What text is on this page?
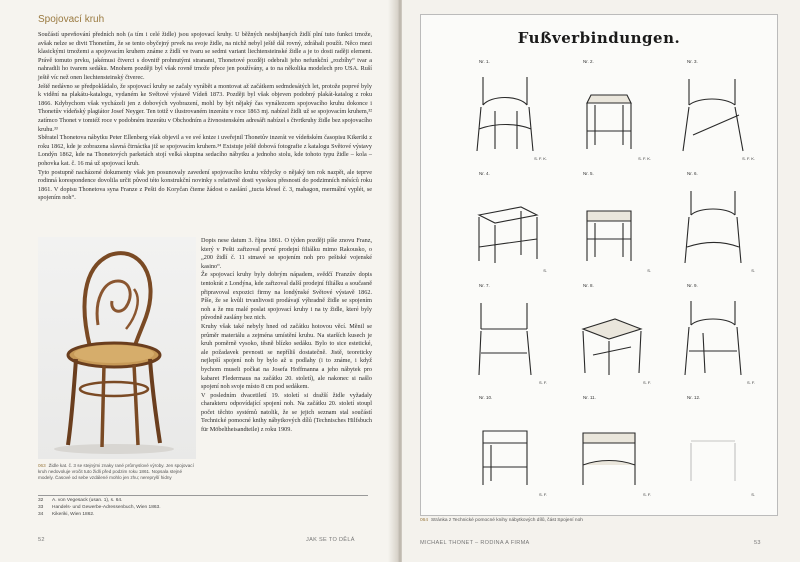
Spojovací kruh

Součástí upevňování předních noh (a tím i celé židle) jsou spojovací kruhy. U běžných nesbíjhaných židlí plní tuto funkci trnože, avšak nelze se divit Thonetům, že se tento obyčejný prvek na svoje židle, na nichž nebyl ještě dál rovný, zdráhali použít. Něco mezi klasickými trnožemi a spojovacím kruhem známe z židlí ve tvaru se sedmi variant liechtensteinské židle a je to dosti raději element. Právě tomuto prvku, jakémusi čtverci s dovnitř prohnutými stranami, Thonetové později odebrali jeho nefunkční „rozbíhy“ tvar a nahradili ho tvarem sedáku. Mnohem později byl však rovně trnože přece jen používány, a to na několika modelech pro USA. Ruší ještě víc než onen liechtensteinský čtverec.

Ještě nedávno se předpokládalo, že spojovací kruhy se začaly vyrábět a montovat až začátkem sedmdesátých let, protože poprvé byly k vidění na plakátu-katalogu, vydaném ke Světové výstavě Vídeň 1873. Později byl však objeven podobný plakát-katalog z roku 1866. Kdybychom však vycházeli jen z dobových vyobrazení, mohl by být nějaký čas vynálezcem spojovacího kruhu dokonce i Thonetův vídeňský plagiátor Josef Neyger. Ten totiž v ilustrovaném inzerátu v roce 1863 mj. nabízel židli už se spojovacím kruhem,³² zatímco Thonet v tomtéž roce v podobném inzerátu v Obchodním a živnostenském adresáři nabízel s čtvrtkruhy židle bez spojovacího kruhu.³³

Sběratel Thonetova nábytku Peter Ellenberg však objevil a ve své knize i uveřejnil Thonetův inzerát ve vídeňském časopisu Kikeriki z roku 1862, kde je zobrazena slavná čtrnáctka již se spojovacím kruhem.³⁴ Existuje ještě dobová fotografie z katalogu Světové výstavy Londýn 1862, kde na Thonetových parketách stojí velká skupina sedacího nábytku a jednoho stolu, kde tohoto typu židle – kola – pohovka kat. č. 16 má už spojovací kruh.

Tyto postupně nacházené dokumenty však jen posunovaly zavedení spojovacího kruhu vždycky o nějaký ten rok nazpět, ale teprve rodinná korespondence dovolila určit původ této konstrukční novinky s relativně dosti vysokou přesností do podzimních měsíců roku 1861. V dopisu Thonetova syna Franze z Pešti do Koryčan čteme žádost o zaslání „tucta křesel č. 3, mahagon, mermální vyplét, se spojením noh“.

063 Židle kat. č. 3 se stejnými znaky rané průmyslové výroby. Jen spojovací kruh nedovoluje vročit tuto židli před podzim roku 1861. Nopsala stejné modely. Časové od sebe vzdálené mohlo jen zhu; nerepryší hidny

Dopis nese datum 3. října 1861. O týden později píše znovu Franz, který v Pešti zařizoval první prodejní filiálku mimo Rakousko, o „200 židlí č. 11 stmavé se spojením noh pro peštské vojenské kasino“.

Že spojovací kruhy byly dobrým nápadem, svědčí Franzův dopis tentokrát z Londýna, kde zařizoval další prodejní filiálku a současně připravoval expozici firmy na londýnské Světové výstavě 1862. Píše, že se kvůli trvanlivosti prodávají výhradně židle se spojením noh a že mu malé poslat spojovací kruhy i na ty židle, které byly původně zaslány bez nich.

Kruhy však také nebyly hned od začátku hotovou věcí. Měnil se průměr materiálu a zejména umístění kruhu. Na starších kusech je kruh poměrně vysoko, těsně blízko sedáku. Bylo to sice estetické, ale požadavek pevnosti se nepříliš dostatečně. Jistě, teoreticky nejlepší spojení noh by bylo až u podlahy (i to známe, i když bychom museli počkat na Josefa Hoffmanna a jeho nábytek pro kabaret Fledermaus na začátku 20. století), ale nakonec si našlo spojení noh svoje místo 8 cm pod sedákem.

V posledním dvacetiletí 19. století si dražší židle vyžadaly charakteru odpovídající spojení noh. Na začátku 20. století stoupl počet těchto systémů natolik, že se jejich seznam stal součástí Technické pomocné knihy nábytkových dílů (Technisches Hilfsbuch für Möbeltheisandteile) z roku 1909.

32 A. von Vegesack (usan. 1), s. 64.
33 Handels- und Gewerbe-Adressenbuch, Wien 1863.
34 Kikeriki, Wien 1862.
52	JAK SE TO DĚLÁ
Fußverbindungen.
Nr. 1.
S. F. K.
Nr. 2.
S. F. K.
Nr. 3.
S. F. K.
Nr. 4.
S.
Nr. 5.
S.
Nr. 6.
S.
Nr. 7.
S. F.
Nr. 8.
S. F.
Nr. 9.
S. F.
Nr. 10.
S. F.
Nr. 11.
S. F.
Nr. 12.
S.
064 Stránka z Technické pomocné knihy nábytkových dílů, část Spojení noh
MICHAEL THONET – RODINA A FIRMA	53
